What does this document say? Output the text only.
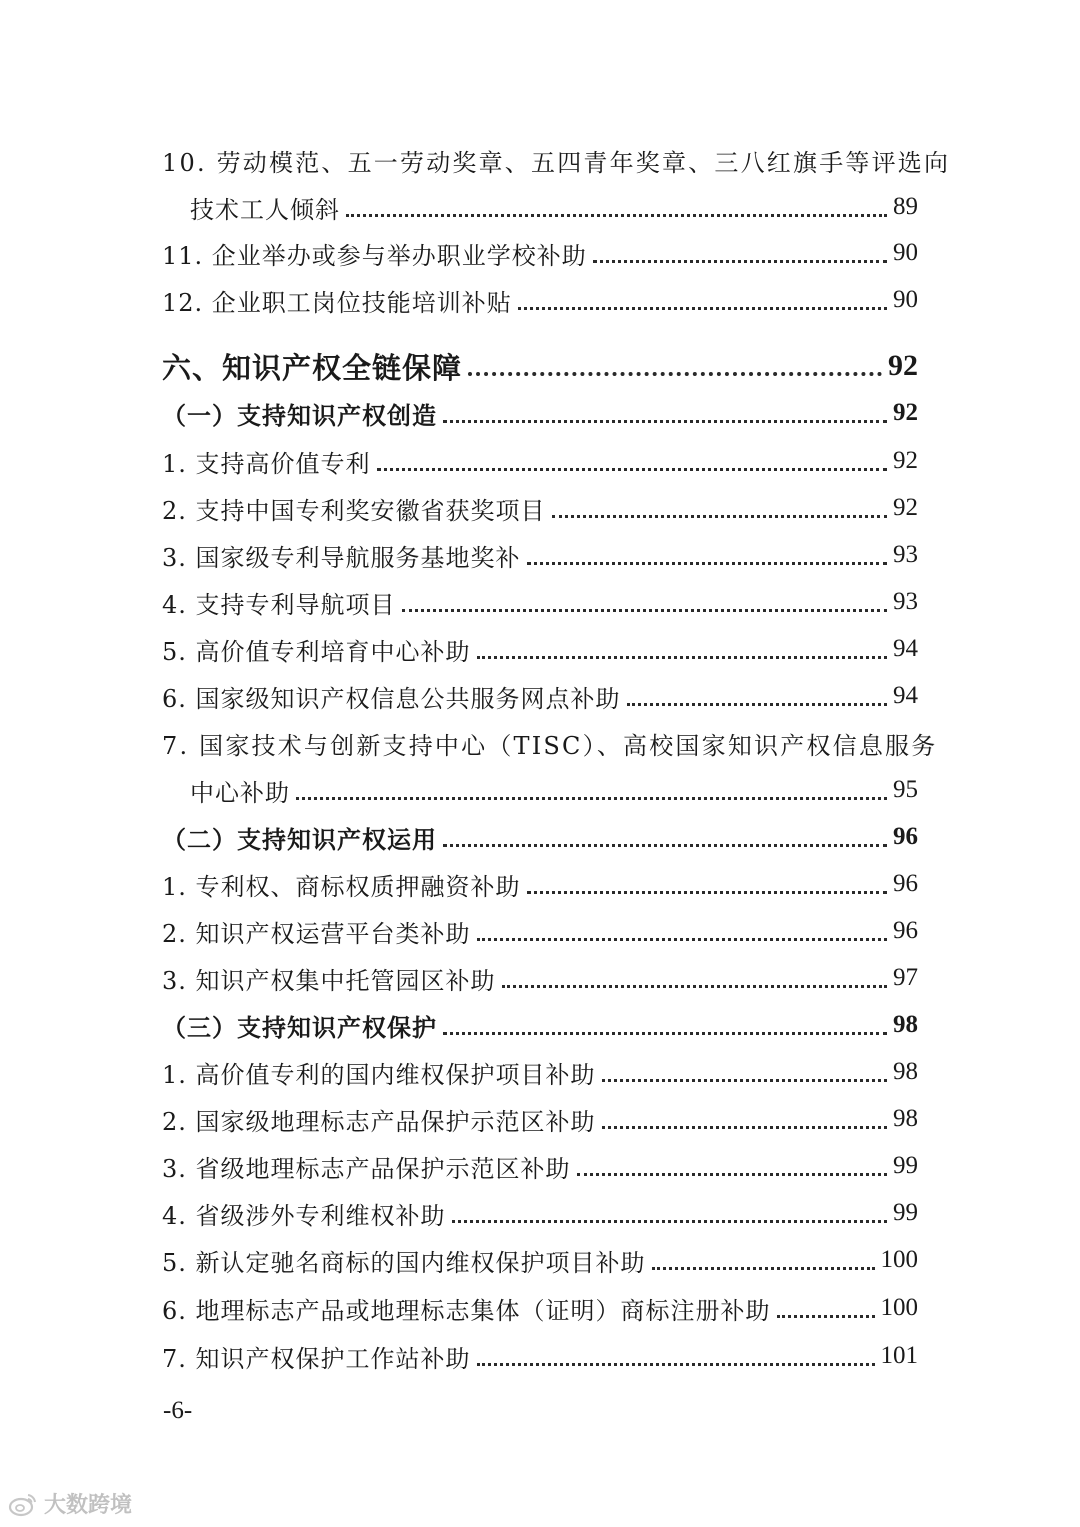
10. 劳动模范、五一劳动奖章、五四青年奖章、三八红旗手等评选向
技术工人倾斜	89
11. 企业举办或参与举办职业学校补助	90
12. 企业职工岗位技能培训补贴	90
六、知识产权全链保障	92
（一）支持知识产权创造	92
1. 支持高价值专利	92
2. 支持中国专利奖安徽省获奖项目	92
3. 国家级专利导航服务基地奖补	93
4. 支持专利导航项目	93
5. 高价值专利培育中心补助	94
6. 国家级知识产权信息公共服务网点补助	94
7. 国家技术与创新支持中心（TISC）、高校国家知识产权信息服务
中心补助	95
（二）支持知识产权运用	96
1. 专利权、商标权质押融资补助	96
2. 知识产权运营平台类补助	96
3. 知识产权集中托管园区补助	97
（三）支持知识产权保护	98
1. 高价值专利的国内维权保护项目补助	98
2. 国家级地理标志产品保护示范区补助	98
3. 省级地理标志产品保护示范区补助	99
4. 省级涉外专利维权补助	99
5. 新认定驰名商标的国内维权保护项目补助	100
6. 地理标志产品或地理标志集体（证明）商标注册补助	100
7. 知识产权保护工作站补助	101
-6-
大数跨境
